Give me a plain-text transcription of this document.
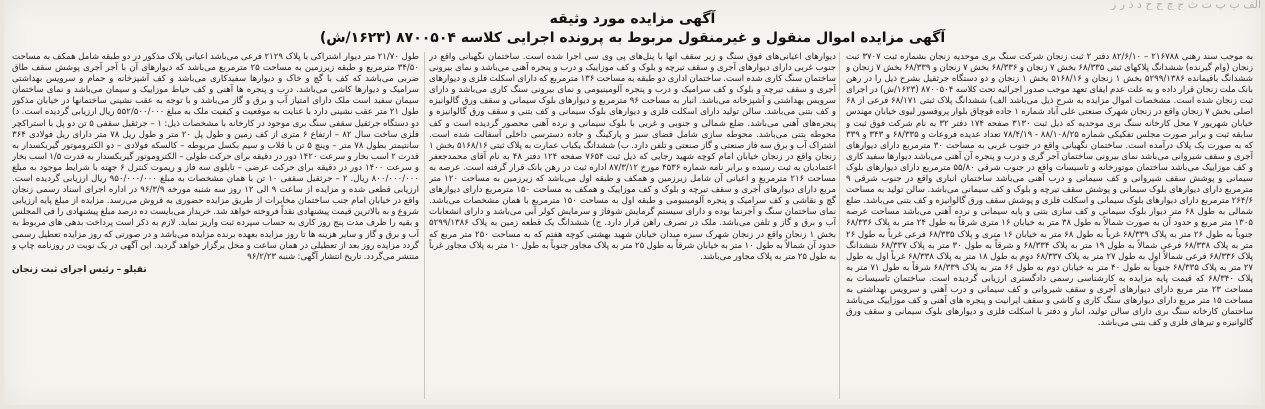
الف ب پ ت ث ج چ ح خ د ذ ر ز
آگهی مزایده مورد وثیقه
آگهی مزایده اموال منقول و غیرمنقول مربوط به پرونده اجرایی کلاسه ۸۷۰۰۵۰۴ (۱۶۲۳/ش)

به موجب سند رهنی ۲۱۶۷۸۸ – ۸۲/۶/۱۰ دفتر ۲ ثبت زنجان شرکت سنگ بری موحدیه زنجان بشماره ثبت ۳۷۰۷ ثبت زنجان (وام گیرنده) ششدانگ پلاکهای ثبتی ۶۸/۳۳۵ بخش ۷ زنجان و ۶۸/۳۳۶ بخش ۷ زنجان و ۶۸/۳۳۹ بخش ۷ زنجان و ششدانگ باقیمانده ۵۲۹۹/۱۳۸۶ بخش ۱ زنجان و ۵۱۶۸/۱۶ بخش ۱ زنجان و دو دستگاه جرثقیل بشرح ذیل را در رهن بانک ملت زنجان قرار داده و به علت عدم ایفای تعهد موجب صدور اجرائیه تحت کلاسه ۸۷۰۰۵۰۴ (۱۶۲۳/ش) در اجرای ثبت زنجان شده است. مشخصات اموال مزایده به شرح ذیل می‌باشد الف) ششدانگ پلاک ثبتی ۶۸/۱۷۱ فرعی از ۶۸ اصلی بخش ۷ زنجان واقع در زنجان شهرک صنعتی علی آباد شماره ۱ جاده قوچاق بلوار پروفسور لیوی خیابان مهندس خیابان شهریور ۷ محل کارخانه سنگ بری موحدیه که ذیل ثبت ۳۱۳۰ صفحه ۱۷۴ دفتر ۳۲ به نام شرکت فوق ثبت و سابقه ثبت و برابر صورت مجلس تفکیکی شماره ۸۸/۱۰۸/۲۵ - ۷۸/۴/۱۹ تعداد عدیده فروعات و ۶۸/۳۳۵ و ۳۴۳ و ۳۳۹ که به صورت یک پلاک درآمده است. ساختمان نگهبانی واقع در جنوب غربی به مساحت ۳۰ مترمربع دارای دیوارهای آجری و سقف شیروانی می‌باشد نمای بیرونی ساختمان آجر گری و درب و پنجره آن آهنی می‌باشد دیوارها سفید کاری و کف موزاییک می‌باشد ساختمان موتورخانه و تاسیسات واقع در جنوب شرقی ۵۵/۸۰ مترمربع دارای دیوارهای بلوک سیمانی و پوشش سقف شیروانی و کف سیمانی و درب آهنی می‌باشد ساختمان انباری واقع در جنوب شرقی ۹ مترمربع دارای دیوارهای بلوک سیمانی و پوشش سقف تیرچه و بلوک و کف سیمانی می‌باشد. سالن تولید به مساحت ۲۶۴/۶ مترمربع دارای دیوارهای بلوک سیمانی و اسکلت فلزی و پوشش سقف ورق گالوانیزه و کف بتنی می‌باشد. ضلع شمالی به طول ۶۸ متر دیوار بلوک سیمانی و کف سازی بتنی و پایه سیمانی و نرده آهنی می‌باشد مساحت عرصه ۱۳۰۵ متر مربع و حدود آن به صورت شمالاً به طول ۳۸ متر به خیابان ۱۶ متری شرقاً به طول ۲۴ متر به پلاک ۶۸/۳۳۶ جنوباً به طول ۲۶ متر به پلاک ۶۸/۳۳۹ غرباً به طول ۶۸ متر به خیابان ۱۶ متری و پلاک ۶۸/۳۳۵ فرعی غرباً به طول ۲۶ متر به پلاک ۶۸/۳۳۸ فرعی شمالاً به طول ۱۹ متر به پلاک ۶۸/۳۳۴ و شرقاً به طول ۳۰ متر به پلاک ۶۸/۳۳۷ ششدانگ پلاک ۶۸/۳۳۶ فرعی شمالاً اول به طول ۲۷ متر به پلاک ۶۸/۳۳۷ دوم به طول ۱۸ متر به پلاک ۶۸/۳۳۸ غرباً اول به طول ۲۷ متر به پلاک ۶۸/۳۳۵ جنوباً به طول ۴۰ متر به خیابان دوم به طول ۶۶ متر به پلاک ۶۸/۳۳۹ شرقاً به طول ۷۱ متر به پلاک ۶۸/۳۴۰ که قیمت پایه مزایده به کارشناسی رسمی دادگستری ارزیابی گردیده است. ساختمان تاسیسات به مساحت ۲۳ متر مربع دارای دیوارهای آجری و سقف شیروانی و کف سیمانی و درب آهنی و سرویس بهداشتی به مساحت ۱۵ متر مربع دارای دیوارهای سنگ کاری و کاشی و سقف ایرانیت و پنجره های آهنی و کف موزاییک می‌باشد ساختمان کارخانه سنگ بری دارای سالن تولید، انبار و دفتر با اسکلت فلزی و دیوارهای بلوک سیمانی و سقف ورق گالوانیزه و تیرهای فلزی و کف بتنی می‌باشد.

دیوارهای اعیانی‌های فوق سنگ و زیر سقف آنها با پنل‌های پی وی سی اجرا شده است. ساختمان نگهبانی واقع در جنوب غربی دارای دیوارهای آجری و سقف تیرچه و بلوک و کف موزاییک و درب و پنجره آهنی می‌باشد و نمای بیرونی ساختمان سنگ کاری شده است. ساختمان اداری دو طبقه به مساحت ۱۳۶ مترمربع که دارای اسکلت فلزی و دیوارهای آجری و سقف تیرچه و بلوک و کف سرامیک و درب و پنجره آلومینیومی و نمای بیرونی سنگ کاری می‌باشد و دارای سرویس بهداشتی و آشپزخانه می‌باشد. انبار به مساحت ۹۶ مترمربع و دیوارهای بلوک سیمانی و سقف ورق گالوانیزه و کف بتنی می‌باشد. سالن تولید دارای اسکلت فلزی و دیوارهای بلوک سیمانی و کف بتنی و سقف ورق گالوانیزه و پنجره‌های آهنی می‌باشد. ضلع شمالی و جنوبی و غربی با بلوک سیمانی و نرده آهنی محصور گردیده است و کف محوطه بتنی می‌باشد. محوطه سازی شامل فضای سبز و پارکینگ و جاده دسترسی داخلی آسفالت شده است. اشتراک آب و برق سه فاز صنعتی و گاز صنعتی و تلفن دارد. ب) ششدانگ یکباب عمارت به پلاک ثبتی ۵۱۶۸/۱۶ بخش ۱ زنجان واقع در زنجان خیابان امام کوچه شهید رجایی که ذیل ثبت ۷۶۵۴ صفحه ۱۲۴ دفتر ۴۸ به نام آقای محمدجعفر اعتمادیان به ثبت رسیده و برابر نامه شماره ۴۵۳۶ مورخ ۸۷/۳/۱۲ اداره ثبت در رهن بانک قرار گرفته است. عرصه به مساحت ۲۱۶ مترمربع و اعیانی آن شامل زیرزمین و همکف و طبقه اول می‌باشد که زیرزمین به مساحت ۱۲۰ متر مربع دارای دیوارهای آجری و سقف تیرچه و بلوک و کف موزاییک و همکف به مساحت ۱۵۰ مترمربع دارای دیوارهای گچ و نقاشی و کف سرامیک و پنجره آلومینیومی و طبقه اول به مساحت ۱۵۰ مترمربع با همان مشخصات می‌باشد. نمای ساختمان سنگ و آجرنما بوده و دارای سیستم گرمایش شوفاژ و سرمایش کولر آبی می‌باشد و دارای انشعابات آب و برق و گاز و تلفن می‌باشد. ملک در تصرف راهن قرار دارد. ج) ششدانگ یک قطعه زمین به پلاک ۵۲۹۹/۱۳۸۶ بخش ۱ زنجان واقع در زنجان شهرک سبزه میدان خیابان شهید بهشتی کوچه هفتم که به مساحت ۲۵۰ متر مربع که حدود آن شمالاً به طول ۱۰ متر به خیابان شرقاً به طول ۲۵ متر به پلاک مجاور جنوباً به طول ۱۰ متر به پلاک مجاور غرباً به طول ۲۵ متر به پلاک مجاور می‌باشد.

طول ۲۱/۷۰ متر دیوار اشتراکی با پلاک ۲۱۲۹ فرعی می‌باشد اعیانی پلاک مذکور در دو طبقه شامل همکف به مساحت ۳۴/۵۰ مترمربع و طبقه زیرزمین به مساحت ۲۵ مترمربع می‌باشد که دیوارهای آن با آجر آجری پوشش سقف طاق ضربی می‌باشد که کف با گچ و خاک و دیوارها سفیدکاری می‌باشد و کف آشپزخانه و حمام و سرویس بهداشتی سرامیک و دیوارها کاشی می‌باشد. درب و پنجره ها آهنی و کف حیاط موزاییک و سیمان می‌باشد و نمای ساختمان سیمان سفید است ملک دارای امتیاز آب و برق و گاز می‌باشد و با توجه به عقب نشینی ساختمانها در خیابان مذکور طول ۲۱ متر عقب نشینی دارد با عنایت به موقعیت و کیفیت ملک به مبلغ ۵۵۲/۵۰۰/۰۰۰ ریال ارزیابی گردیده است. د) دو دستگاه جرثقیل سقفی سنگ بری موجود در کارخانه با مشخصات ذیل: ۱ – جرثقیل سقفی ۵ تن دو پل با استراکچر فلزی ساخت سال ۸۲ – ارتفاع ۶ متری از کف زمین و طول پل ۲۰ متر و طول ریل ۷۸ متر دارای ریل فولادی ۳۶۴ سانتیمتر بطول ۷۸ متر – وینچ ۵ تن با قلاب و سیم بکسل مربوطه – کالسکه فولادی – دو الکتروموتور گیربکسدار به قدرت ۲ اسب بخار و سرعت ۱۴۲۰ دور در دقیقه برای حرکت طولی – الکتروموتور گیربکسدار به قدرت ۱/۵ اسب بخار و سرعت ۱۴۰۰ دور در دقیقه برای حرکت عرضی – تابلوی سه فاز و ریموت کنترل ۶ جهته با شرایط موجود به مبلغ ۸۰۰/۰۰۰/۰۰۰ ریال. ۲ – جرثقیل سقفی ۱۰ تن با همان مشخصات به مبلغ ۹۵۰/۰۰۰/۰۰۰ ریال ارزیابی گردیده است. ارزیابی قطعی شده و مزایده از ساعت ۹ الی ۱۲ روز سه شنبه مورخه ۹۶/۳/۹ در اداره اجرای اسناد رسمی زنجان واقع در خیابان امام جنب ساختمان مخابرات از طریق مزایده حضوری به فروش می‌رسد. مزایده از مبلغ پایه ارزیابی شروع و به بالاترین قیمت پیشنهادی نقداً فروخته خواهد شد. خریدار می‌بایست ده درصد مبلغ پیشنهادی را فی المجلس و بقیه را ظرف مدت پنج روز کاری به حساب سپرده ثبت واریز نماید. لازم به ذکر است پرداخت بدهی های مربوط به آب و برق و گاز و سایر هزینه ها تا روز مزایده بعهده برنده مزایده می‌باشد و در صورتی که روز مزایده تعطیل رسمی گردد مزایده روز بعد از تعطیلی در همان ساعت و محل برگزار خواهد گردید. این آگهی در یک نوبت در روزنامه چاپ و منتشر می‌گردد. تاریخ انتشار آگهی: شنبه ۹۶/۲/۲۳

تقیلو – رئیس اجرای ثبت زنجان
